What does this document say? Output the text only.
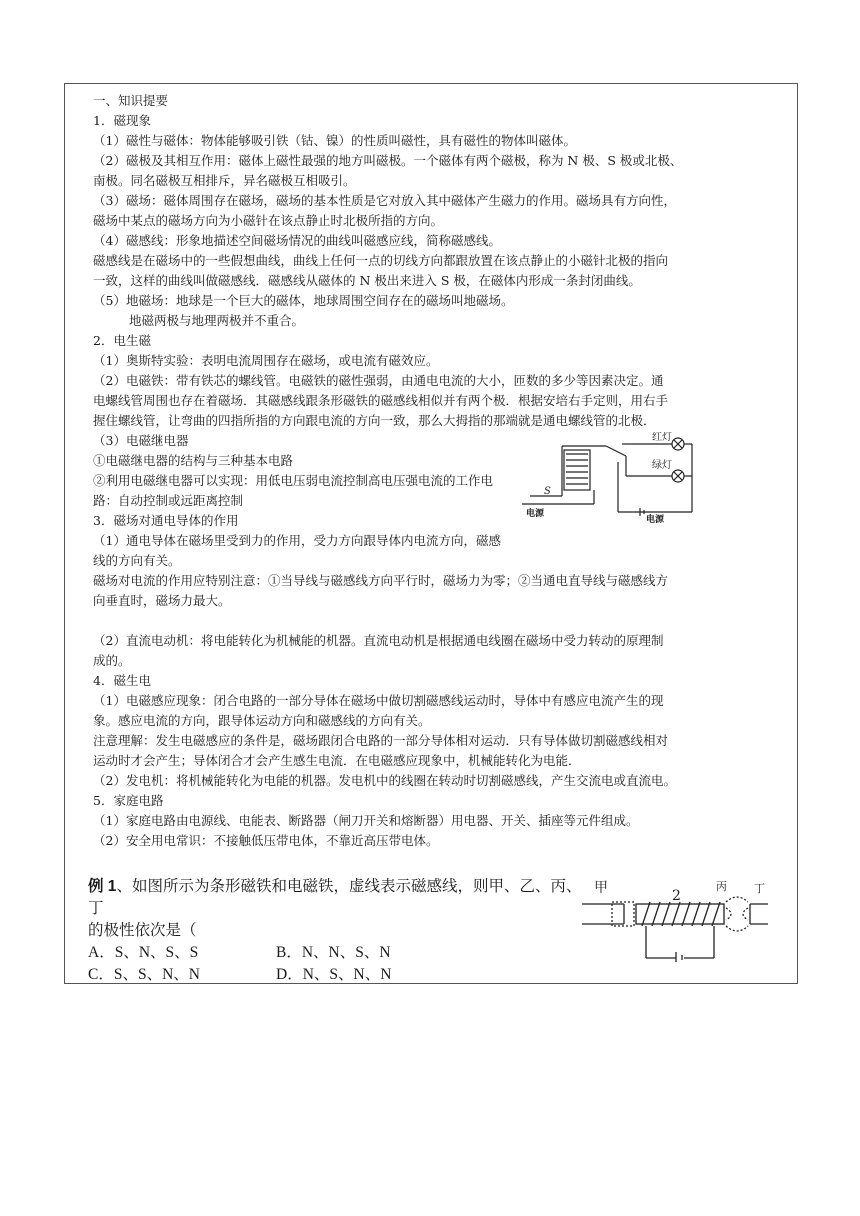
一、知识提要
1．磁现象
（1）磁性与磁体：物体能够吸引铁（钴、镍）的性质叫磁性，具有磁性的物体叫磁体。
（2）磁极及其相互作用：磁体上磁性最强的地方叫磁极。一个磁体有两个磁极，称为 N 极、S 极或北极、
南极。同名磁极互相排斥，异名磁极互相吸引。
（3）磁场：磁体周围存在磁场，磁场的基本性质是它对放入其中磁体产生磁力的作用。磁场具有方向性，
磁场中某点的磁场方向为小磁针在该点静止时北极所指的方向。
（4）磁感线：形象地描述空间磁场情况的曲线叫磁感应线，简称磁感线。
磁感线是在磁场中的一些假想曲线，曲线上任何一点的切线方向都跟放置在该点静止的小磁针北极的指向
一致，这样的曲线叫做磁感线．磁感线从磁体的 N 极出来进入 S 极，在磁体内形成一条封闭曲线。
（5）地磁场：地球是一个巨大的磁体，地球周围空间存在的磁场叫地磁场。
地磁两极与地理两极并不重合。
2．电生磁
（1）奥斯特实验：表明电流周围存在磁场，或电流有磁效应。
（2）电磁铁：带有铁芯的螺线管。电磁铁的磁性强弱，由通电电流的大小，匝数的多少等因素决定。通
电螺线管周围也存在着磁场．其磁感线跟条形磁铁的磁感线相似并有两个极．根据安培右手定则，用右手
握住螺线管，让弯曲的四指所指的方向跟电流的方向一致，那么大拇指的那端就是通电螺线管的北极．
（3）电磁继电器
①电磁继电器的结构与三种基本电路
②利用电磁继电器可以实现：用低电压弱电流控制高电压强电流的工作电
路：自动控制或远距离控制
3．磁场对通电导体的作用
（1）通电导体在磁场里受到力的作用，受力方向跟导体内电流方向，磁感
线的方向有关。
磁场对电流的作用应特别注意：①当导线与磁感线方向平行时，磁场力为零；②当通电直导线与磁感线方
向垂直时，磁场力最大。
（2）直流电动机：将电能转化为机械能的机器。直流电动机是根据通电线圈在磁场中受力转动的原理制
成的。
4．磁生电
（1）电磁感应现象：闭合电路的一部分导体在磁场中做切割磁感线运动时，导体中有感应电流产生的现
象。感应电流的方向，跟导体运动方向和磁感线的方向有关。
注意理解：发生电磁感应的条件是，磁场跟闭合电路的一部分导体相对运动．只有导体做切割磁感线相对
运动时才会产生；导体闭合才会产生感生电流．在电磁感应现象中，机械能转化为电能．
（2）发电机：将机械能转化为电能的机器。发电机中的线圈在转动时切割磁感线，产生交流电或直流电。
5．家庭电路
（1）家庭电路由电源线、电能表、断路器（闸刀开关和熔断器）用电器、开关、插座等元件组成。
（2）安全用电常识：不接触低压带电体，不靠近高压带电体。
红灯
绿灯
S
电源
电源
例 1、如图所示为条形磁铁和电磁铁，虚线表示磁感线，则甲、乙、丙、丁
的极性依次是（
A．S、N、S、S	B．N、N、S、N
C．S、S、N、N	D．N、S、N、N
甲	2
丙 丁
